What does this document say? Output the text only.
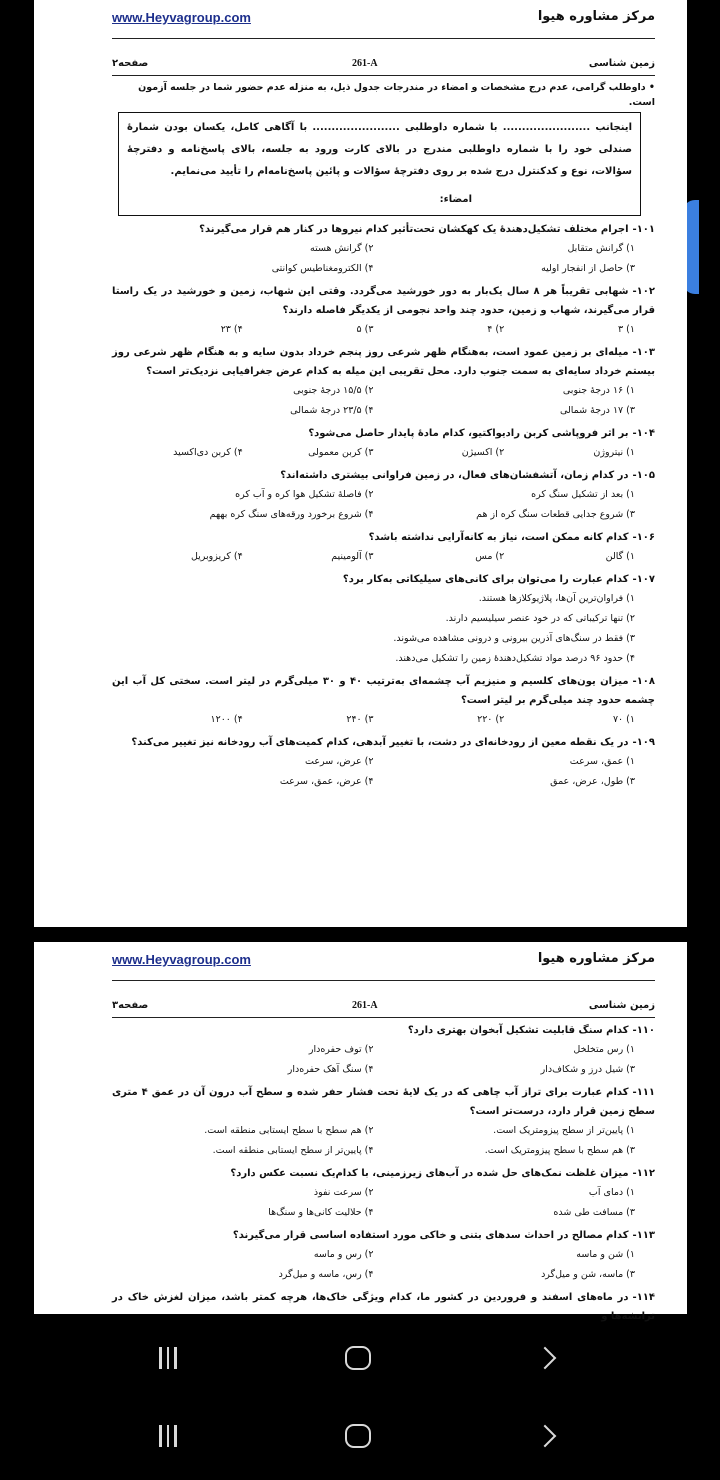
www.Heyvagroup.com	مرکز مشاوره هیوا
زمین شناسی
261-A
صفحه۲
• داوطلب گرامی، عدم درج مشخصات و امضاء در مندرجات جدول ذیل، به منزله عدم حضور شما در جلسه آزمون است.
اینجانب ....................... با شماره داوطلبی ....................... با آگاهی کامل، یکسان بودن شمارهٔ صندلی خود را با شماره داوطلبی مندرج در بالای کارت ورود به جلسه، بالای پاسخ‌نامه و دفترچهٔ سؤالات، نوع و کدکنترل درج شده بر روی دفترچهٔ سؤالات و پائین پاسخ‌نامه‌ام را تأیید می‌نمایم.
امضاء:
۱۰۱-اجرام مختلف تشکیل‌دهندهٔ یک کهکشان تحت‌تأثیر کدام نیروها در کنار هم قرار می‌گیرند؟
۱) گرانش متقابل
۲) گرانش هسته
۳) حاصل از انفجار اولیه
۴) الکترومغناطیس کوانتی
۱۰۲-شهابی تقریباً هر ۸ سال یک‌بار به دور خورشید می‌گردد. وقتی این شهاب، زمین و خورشید در یک راستا قرار می‌گیرند، شهاب و زمین، حدود چند واحد نجومی از یکدیگر فاصله دارند؟
۱) ۳
۲) ۴
۳) ۵
۴) ۲۳
۱۰۳-میله‌ای بر زمین عمود است، به‌هنگام ظهر شرعی روز پنجم خرداد بدون سایه و به هنگام ظهر شرعی روز بیستم خرداد سایه‌ای به سمت جنوب دارد. محل تقریبی این میله به کدام عرض جغرافیایی نزدیک‌تر است؟
۱) ۱۶ درجهٔ جنوبی
۲) ۱۵/۵ درجهٔ جنوبی
۳) ۱۷ درجهٔ شمالی
۴) ۲۳/۵ درجهٔ شمالی
۱۰۴-بر اثر فروپاشی کربن رادیواکتیو، کدام مادهٔ پایدار حاصل می‌شود؟
۱) نیتروژن
۲) اکسیژن
۳) کربن معمولی
۴) کربن دی‌اکسید
۱۰۵-در کدام زمان، آتشفشان‌های فعال، در زمین فراوانی بیشتری داشته‌اند؟
۱) بعد از تشکیل سنگ کره
۲) فاصلهٔ تشکیل هوا کره و آب کره
۳) شروع جدایی قطعات سنگ کره از هم
۴) شروع برخورد ورقه‌های سنگ کره بههم
۱۰۶-کدام کانه ممکن است، نیاز به کانه‌آرایی نداشته باشد؟
۱) گالن
۲) مس
۳) آلومینیم
۴) کریزوبریل
۱۰۷-کدام عبارت را می‌توان برای کانی‌های سیلیکاتی به‌کار برد؟
۱) فراوان‌ترین آن‌ها، پلاژیوکلازها هستند.
۲) تنها ترکیباتی که در خود عنصر سیلیسیم دارند.
۳) فقط در سنگ‌های آذرین بیرونی و درونی مشاهده می‌شوند.
۴) حدود ۹۶ درصد مواد تشکیل‌دهندهٔ زمین را تشکیل می‌دهند.
۱۰۸-میزان یون‌های کلسیم و منیزیم آب چشمه‌ای به‌ترتیب ۴۰ و ۳۰ میلی‌گرم در لیتر است. سختی کل آب این چشمه حدود چند میلی‌گرم بر لیتر است؟
۱) ۷۰
۲) ۲۲۰
۳) ۲۴۰
۴) ۱۲۰۰
۱۰۹-در یک نقطه معین از رودخانه‌ای در دشت، با تغییر آبدهی، کدام کمیت‌های آب رودخانه نیز تغییر می‌کند؟
۱) عمق، سرعت
۲) عرض، سرعت
۳) طول، عرض، عمق
۴) عرض، عمق، سرعت
www.Heyvagroup.com	مرکز مشاوره هیوا
زمین شناسی
261-A
صفحه۳
۱۱۰-کدام سنگ قابلیت تشکیل آبخوان بهتری دارد؟
۱) رس متخلخل
۲) توف حفره‌دار
۳) شیل درز و شکاف‌دار
۴) سنگ آهک حفره‌دار
۱۱۱-کدام عبارت برای تراز آب چاهی که در یک لایهٔ تحت فشار حفر شده و سطح آب درون آن در عمق ۴ متری سطح زمین قرار دارد، درست‌تر است؟
۱) پایین‌تر از سطح پیزومتریک است.
۲) هم سطح با سطح ایستابی منطقه است.
۳) هم سطح با سطح پیزومتریک است.
۴) پایین‌تر از سطح ایستابی منطقه است.
۱۱۲-میزان غلظت نمک‌های حل شده در آب‌های زیرزمینی، با کدام‌یک نسبت عکس دارد؟
۱) دمای آب
۲) سرعت نفوذ
۳) مسافت طی شده
۴) حلالیت کانی‌ها و سنگ‌ها
۱۱۳-کدام مصالح در احداث سدهای بتنی و خاکی مورد استفاده اساسی قرار می‌گیرند؟
۱) شن و ماسه
۲) رس و ماسه
۳) ماسه، شن و میل‌گرد
۴) رس، ماسه و میل‌گرد
۱۱۴-در ماه‌های اسفند و فروردین در کشور ما، کدام ویژگی خاک‌ها، هرچه کمتر باشد، میزان لغزش خاک در ترانشه‌ها و
